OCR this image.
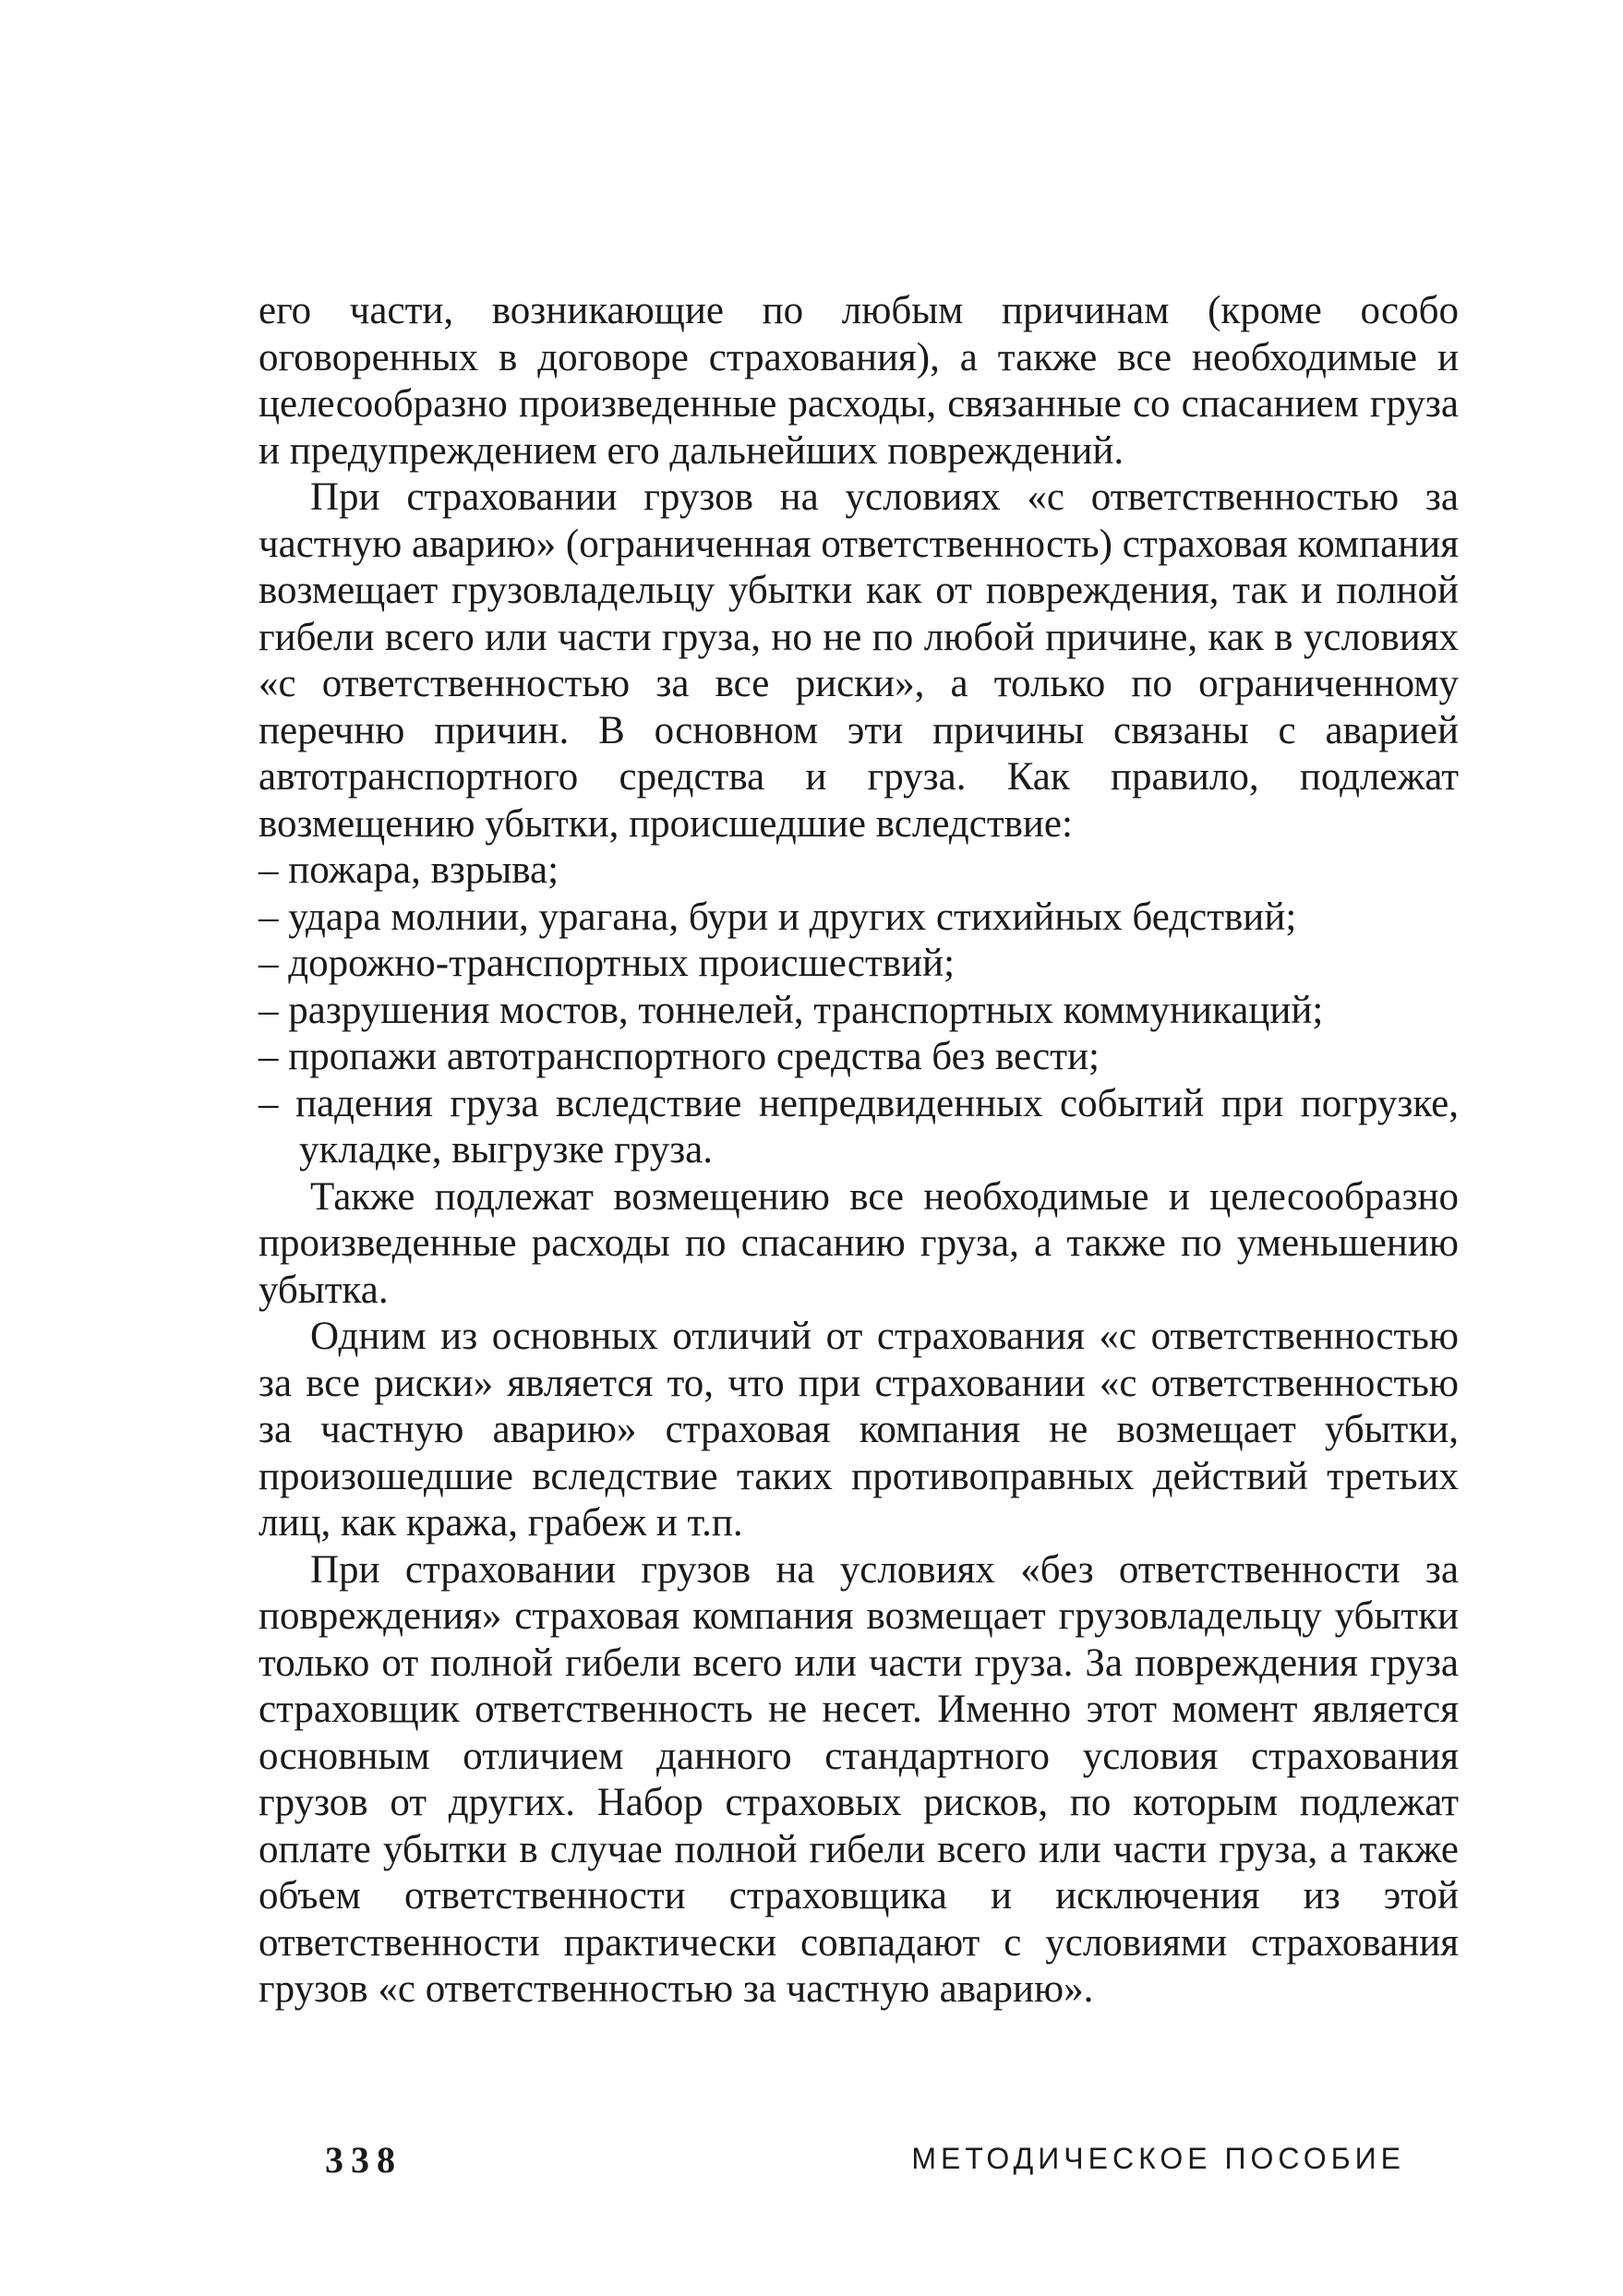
его части, возникающие по любым причинам (кроме особо оговоренных в договоре страхования), а также все необходимые и целесообразно произведенные расходы, связанные со спасанием груза и предупреждением его дальнейших повреждений.

При страховании грузов на условиях «с ответственностью за частную аварию» (ограниченная ответственность) страховая компания возмещает грузовладельцу убытки как от повреждения, так и полной гибели всего или части груза, но не по любой причине, как в условиях «с ответственностью за все риски», а только по ограниченному перечню причин. В основном эти причины связаны с аварией автотранспортного средства и груза. Как правило, подлежат возмещению убытки, происшедшие вследствие:

– пожара, взрыва;
– удара молнии, урагана, бури и других стихийных бедствий;
– дорожно-транспортных происшествий;
– разрушения мостов, тоннелей, транспортных коммуникаций;
– пропажи автотранспортного средства без вести;
– падения груза вследствие непредвиденных событий при погрузке, укладке, выгрузке груза.

Также подлежат возмещению все необходимые и целесообразно произведенные расходы по спасанию груза, а также по уменьшению убытка.

Одним из основных отличий от страхования «с ответственностью за все риски» является то, что при страховании «с ответственностью за частную аварию» страховая компания не возмещает убытки, произошедшие вследствие таких противоправных действий третьих лиц, как кража, грабеж и т.п.

При страховании грузов на условиях «без ответственности за повреждения» страховая компания возмещает грузовладельцу убытки только от полной гибели всего или части груза. За повреждения груза страховщик ответственность не несет. Именно этот момент является основным отличием данного стандартного условия страхования грузов от других. Набор страховых рисков, по которым подлежат оплате убытки в случае полной гибели всего или части груза, а также объем ответственности страховщика и исключения из этой ответственности практически совпадают с условиями страхования грузов «с ответственностью за частную аварию».

338	МЕТОДИЧЕСКОЕ ПОСОБИЕ
